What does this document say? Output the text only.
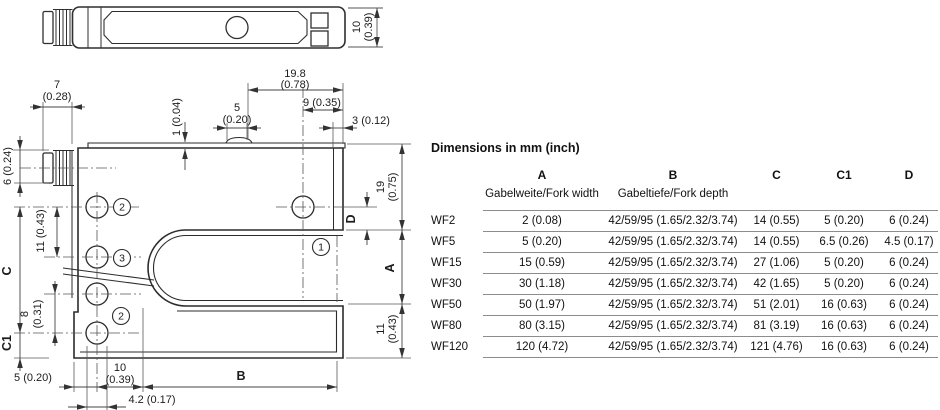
10 (0.39)
7
(0.28)
19.8
(0.78)
9 (0.35)
5
(0.20)	3 (0.12)
1 (0.04)
6 (0.24)
11 (0.43)
8 (0.31)
C
C1
5 (0.20)
10
(0.39)
4.2 (0.17)
B
D
19 (0.75)
A
11 (0.43)
1
2
3
2

Dimensions in mm (inch)

	A	B	C	C1	D
	Gabelweite/Fork width	Gabeltiefe/Fork depth			
WF2	2 (0.08)	42/59/95 (1.65/2.32/3.74)	14 (0.55)	5 (0.20)	6 (0.24)
WF5	5 (0.20)	42/59/95 (1.65/2.32/3.74)	14 (0.55)	6.5 (0.26)	4.5 (0.17)
WF15	15 (0.59)	42/59/95 (1.65/2.32/3.74)	27 (1.06)	5 (0.20)	6 (0.24)
WF30	30 (1.18)	42/59/95 (1.65/2.32/3.74)	42 (1.65)	5 (0.20)	6 (0.24)
WF50	50 (1.97)	42/59/95 (1.65/2.32/3.74)	51 (2.01)	16 (0.63)	6 (0.24)
WF80	80 (3.15)	42/59/95 (1.65/2.32/3.74)	81 (3.19)	16 (0.63)	6 (0.24)
WF120	120 (4.72)	42/59/95 (1.65/2.32/3.74)	121 (4.76)	16 (0.63)	6 (0.24)
